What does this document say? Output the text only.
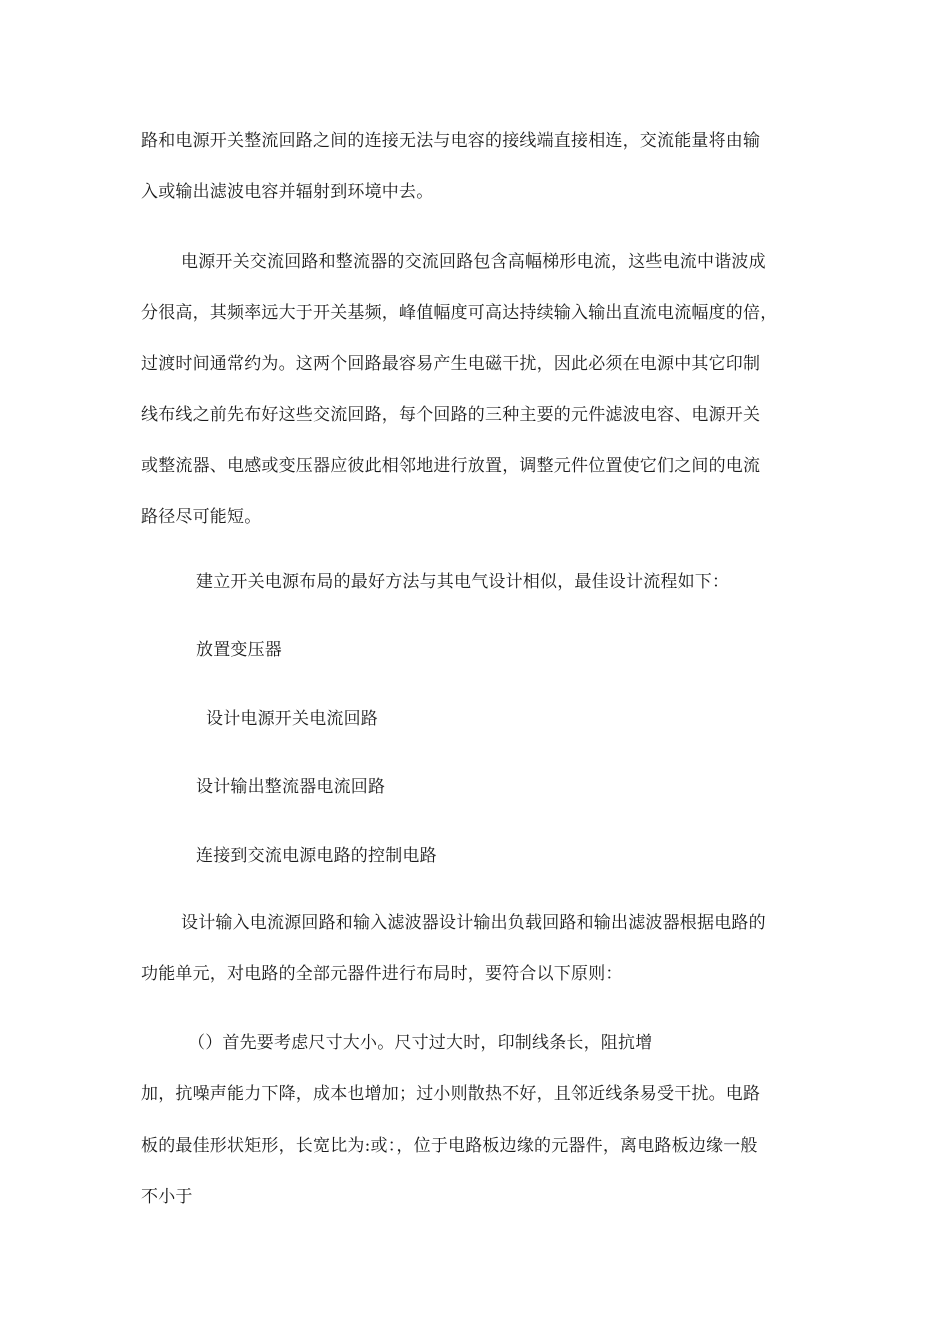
路和电源开关整流回路之间的连接无法与电容的接线端直接相连，交流能量将由输
入或输出滤波电容并辐射到环境中去。
电源开关交流回路和整流器的交流回路包含高幅梯形电流，这些电流中谐波成
分很高，其频率远大于开关基频，峰值幅度可高达持续输入输出直流电流幅度的倍，
过渡时间通常约为。这两个回路最容易产生电磁干扰，因此必须在电源中其它印制
线布线之前先布好这些交流回路，每个回路的三种主要的元件滤波电容、电源开关
或整流器、电感或变压器应彼此相邻地进行放置，调整元件位置使它们之间的电流
路径尽可能短。
建立开关电源布局的最好方法与其电气设计相似，最佳设计流程如下：
放置变压器
设计电源开关电流回路
设计输出整流器电流回路
连接到交流电源电路的控制电路
设计输入电流源回路和输入滤波器设计输出负载回路和输出滤波器根据电路的
功能单元，对电路的全部元器件进行布局时，要符合以下原则：
（）首先要考虑尺寸大小。尺寸过大时，印制线条长，阻抗增
加，抗噪声能力下降，成本也增加；过小则散热不好，且邻近线条易受干扰。电路
板的最佳形状矩形，长宽比为:或：，位于电路板边缘的元器件，离电路板边缘一般
不小于
